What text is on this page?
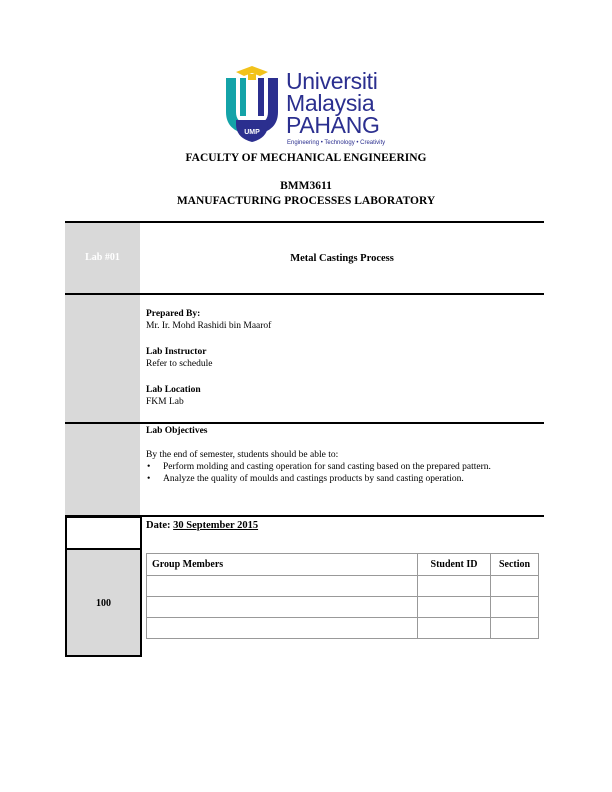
UMP
Universiti
Malaysia
PAHANG
Engineering • Technology • Creativity
FACULTY OF MECHANICAL ENGINEERING
BMM3611
MANUFACTURING PROCESSES LABORATORY
Lab #01	Metal Castings Process
Prepared By:
Mr. Ir. Mohd Rashidi bin Maarof
Lab Instructor
Refer to schedule
Lab Location
FKM Lab
Lab Objectives
By the end of semester, students should be able to:
•	Perform molding and casting operation for sand casting based on the prepared pattern.
•	Analyze the quality of moulds and castings products by sand casting operation.
100
Date: 30 September 2015
Group Members	Student ID	Section
